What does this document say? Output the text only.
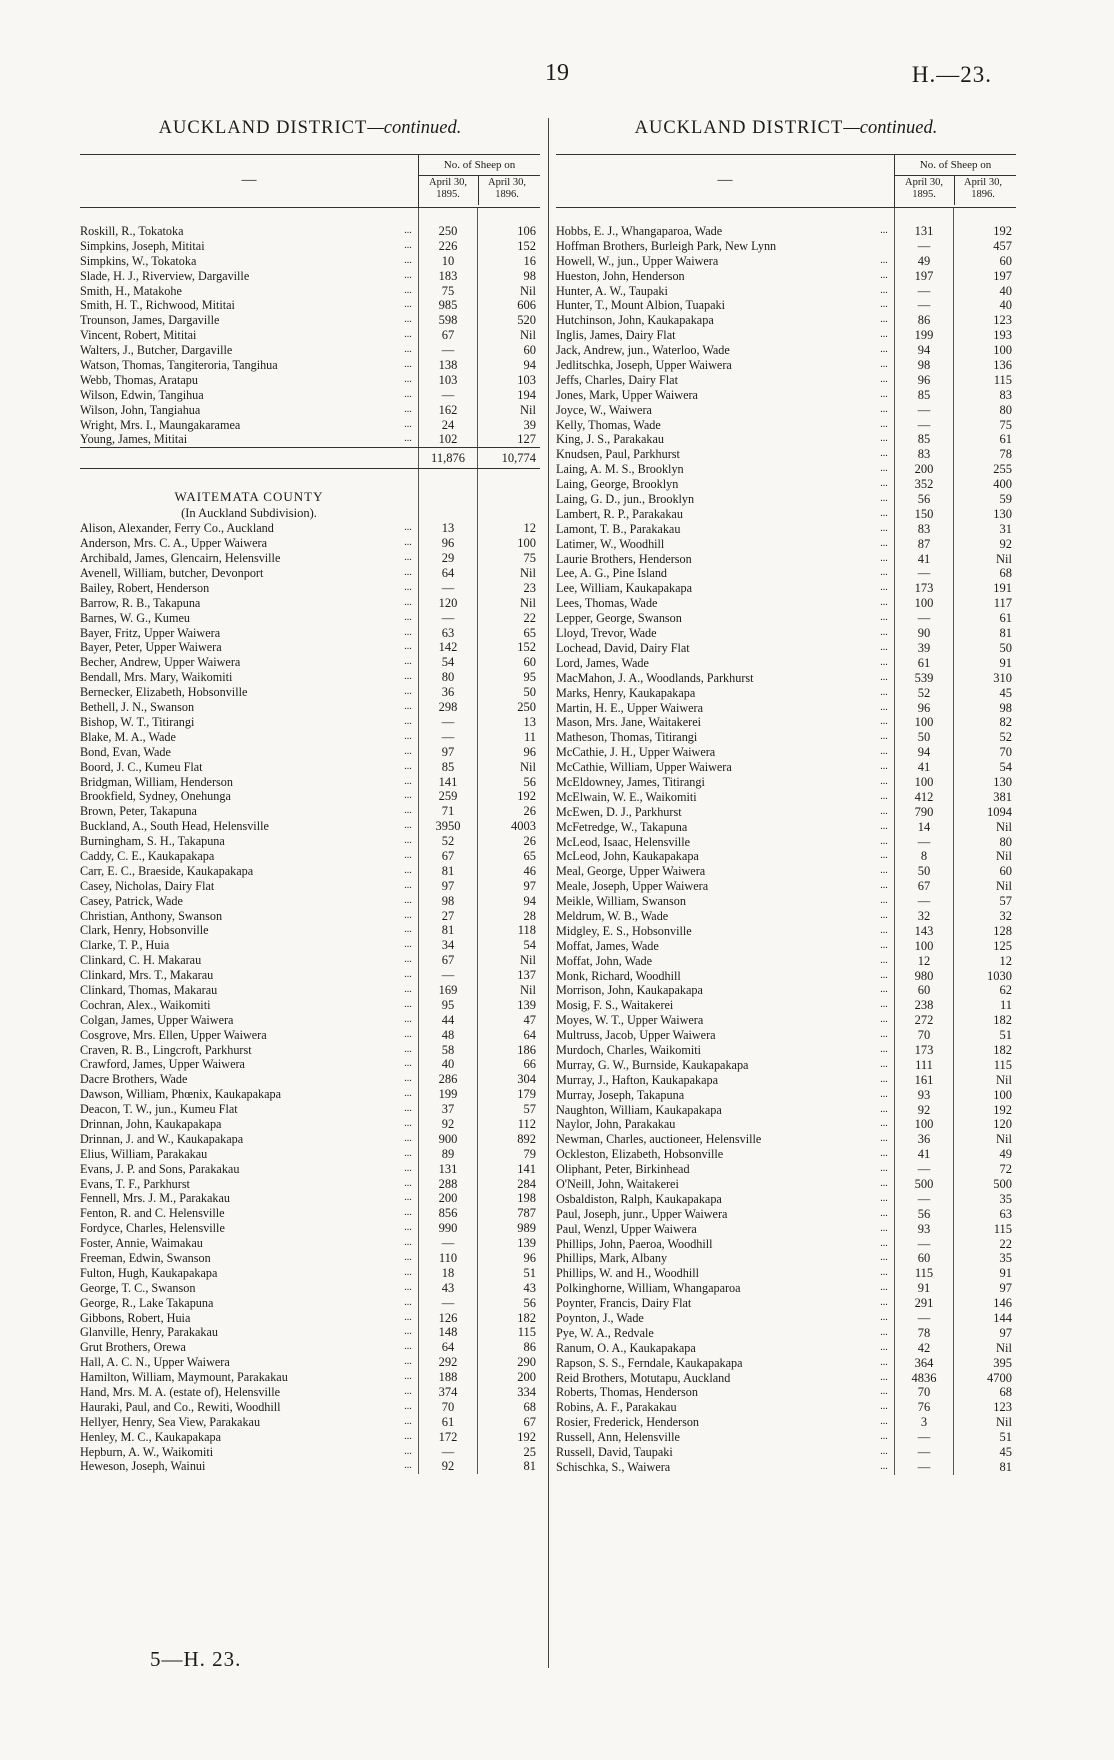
19	H.—23.
AUCKLAND DISTRICT—continued.
—
No. of Sheep on
April 30, 1895.
April 30, 1896.
Roskill, R., Tokatoka	...	250	106
Simpkins, Joseph, Mititai	...	226	152
Simpkins, W., Tokatoka	...	10	16
Slade, H. J., Riverview, Dargaville	...	183	98
Smith, H., Matakohe	...	75	Nil
Smith, H. T., Richwood, Mititai	...	985	606
Trounson, James, Dargaville	...	598	520
Vincent, Robert, Mititai	...	67	Nil
Walters, J., Butcher, Dargaville	...	—	60
Watson, Thomas, Tangiteroria, Tangihua	...	138	94
Webb, Thomas, Aratapu	...	103	103
Wilson, Edwin, Tangihua	...	—	194
Wilson, John, Tangiahua	...	162	Nil
Wright, Mrs. I., Maungakaramea	...	24	39
Young, James, Mititai	...	102	127
11,876	10,774
WAITEMATA COUNTY
(In Auckland Subdivision).
Alison, Alexander, Ferry Co., Auckland	...	13	12
Anderson, Mrs. C. A., Upper Waiwera	...	96	100
Archibald, James, Glencairn, Helensville	...	29	75
Avenell, William, butcher, Devonport	...	64	Nil
Bailey, Robert, Henderson	...	—	23
Barrow, R. B., Takapuna	...	120	Nil
Barnes, W. G., Kumeu	...	—	22
Bayer, Fritz, Upper Waiwera	...	63	65
Bayer, Peter, Upper Waiwera	...	142	152
Becher, Andrew, Upper Waiwera	...	54	60
Bendall, Mrs. Mary, Waikomiti	...	80	95
Bernecker, Elizabeth, Hobsonville	...	36	50
Bethell, J. N., Swanson	...	298	250
Bishop, W. T., Titirangi	...	—	13
Blake, M. A., Wade	...	—	11
Bond, Evan, Wade	...	97	96
Boord, J. C., Kumeu Flat	...	85	Nil
Bridgman, William, Henderson	...	141	56
Brookfield, Sydney, Onehunga	...	259	192
Brown, Peter, Takapuna	...	71	26
Buckland, A., South Head, Helensville	...	3950	4003
Burningham, S. H., Takapuna	...	52	26
Caddy, C. E., Kaukapakapa	...	67	65
Carr, E. C., Braeside, Kaukapakapa	...	81	46
Casey, Nicholas, Dairy Flat	...	97	97
Casey, Patrick, Wade	...	98	94
Christian, Anthony, Swanson	...	27	28
Clark, Henry, Hobsonville	...	81	118
Clarke, T. P., Huia	...	34	54
Clinkard, C. H. Makarau	...	67	Nil
Clinkard, Mrs. T., Makarau	...	—	137
Clinkard, Thomas, Makarau	...	169	Nil
Cochran, Alex., Waikomiti	...	95	139
Colgan, James, Upper Waiwera	...	44	47
Cosgrove, Mrs. Ellen, Upper Waiwera	...	48	64
Craven, R. B., Lingcroft, Parkhurst	...	58	186
Crawford, James, Upper Waiwera	...	40	66
Dacre Brothers, Wade	...	286	304
Dawson, William, Phœnix, Kaukapakapa	...	199	179
Deacon, T. W., jun., Kumeu Flat	...	37	57
Drinnan, John, Kaukapakapa	...	92	112
Drinnan, J. and W., Kaukapakapa	...	900	892
Elius, William, Parakakau	...	89	79
Evans, J. P. and Sons, Parakakau	...	131	141
Evans, T. F., Parkhurst	...	288	284
Fennell, Mrs. J. M., Parakakau	...	200	198
Fenton, R. and C. Helensville	...	856	787
Fordyce, Charles, Helensville	...	990	989
Foster, Annie, Waimakau	...	—	139
Freeman, Edwin, Swanson	...	110	96
Fulton, Hugh, Kaukapakapa	...	18	51
George, T. C., Swanson	...	43	43
George, R., Lake Takapuna	...	—	56
Gibbons, Robert, Huia	...	126	182
Glanville, Henry, Parakakau	...	148	115
Grut Brothers, Orewa	...	64	86
Hall, A. C. N., Upper Waiwera	...	292	290
Hamilton, William, Maymount, Parakakau	...	188	200
Hand, Mrs. M. A. (estate of), Helensville	...	374	334
Hauraki, Paul, and Co., Rewiti, Woodhill	...	70	68
Hellyer, Henry, Sea View, Parakakau	...	61	67
Henley, M. C., Kaukapakapa	...	172	192
Hepburn, A. W., Waikomiti	...	—	25
Heweson, Joseph, Wainui	...	92	81
AUCKLAND DISTRICT—continued.
—
No. of Sheep on
April 30, 1895.
April 30, 1896.
Hobbs, E. J., Whangaparoa, Wade	...	131	192
Hoffman Brothers, Burleigh Park, New Lynn	—	457
Howell, W., jun., Upper Waiwera	...	49	60
Hueston, John, Henderson	...	197	197
Hunter, A. W., Taupaki	...	—	40
Hunter, T., Mount Albion, Tuapaki	...	—	40
Hutchinson, John, Kaukapakapa	...	86	123
Inglis, James, Dairy Flat	...	199	193
Jack, Andrew, jun., Waterloo, Wade	...	94	100
Jedlitschka, Joseph, Upper Waiwera	...	98	136
Jeffs, Charles, Dairy Flat	...	96	115
Jones, Mark, Upper Waiwera	...	85	83
Joyce, W., Waiwera	...	—	80
Kelly, Thomas, Wade	...	—	75
King, J. S., Parakakau	...	85	61
Knudsen, Paul, Parkhurst	...	83	78
Laing, A. M. S., Brooklyn	...	200	255
Laing, George, Brooklyn	...	352	400
Laing, G. D., jun., Brooklyn	...	56	59
Lambert, R. P., Parakakau	...	150	130
Lamont, T. B., Parakakau	...	83	31
Latimer, W., Woodhill	...	87	92
Laurie Brothers, Henderson	...	41	Nil
Lee, A. G., Pine Island	...	—	68
Lee, William, Kaukapakapa	...	173	191
Lees, Thomas, Wade	...	100	117
Lepper, George, Swanson	...	—	61
Lloyd, Trevor, Wade	...	90	81
Lochead, David, Dairy Flat	...	39	50
Lord, James, Wade	...	61	91
MacMahon, J. A., Woodlands, Parkhurst	...	539	310
Marks, Henry, Kaukapakapa	...	52	45
Martin, H. E., Upper Waiwera	...	96	98
Mason, Mrs. Jane, Waitakerei	...	100	82
Matheson, Thomas, Titirangi	...	50	52
McCathie, J. H., Upper Waiwera	...	94	70
McCathie, William, Upper Waiwera	...	41	54
McEldowney, James, Titirangi	...	100	130
McElwain, W. E., Waikomiti	...	412	381
McEwen, D. J., Parkhurst	...	790	1094
McFetredge, W., Takapuna	...	14	Nil
McLeod, Isaac, Helensville	...	—	80
McLeod, John, Kaukapakapa	...	8	Nil
Meal, George, Upper Waiwera	...	50	60
Meale, Joseph, Upper Waiwera	...	67	Nil
Meikle, William, Swanson	...	—	57
Meldrum, W. B., Wade	...	32	32
Midgley, E. S., Hobsonville	...	143	128
Moffat, James, Wade	...	100	125
Moffat, John, Wade	...	12	12
Monk, Richard, Woodhill	...	980	1030
Morrison, John, Kaukapakapa	...	60	62
Mosig, F. S., Waitakerei	...	238	11
Moyes, W. T., Upper Waiwera	...	272	182
Multruss, Jacob, Upper Waiwera	...	70	51
Murdoch, Charles, Waikomiti	...	173	182
Murray, G. W., Burnside, Kaukapakapa	...	111	115
Murray, J., Hafton, Kaukapakapa	...	161	Nil
Murray, Joseph, Takapuna	...	93	100
Naughton, William, Kaukapakapa	...	92	192
Naylor, John, Parakakau	...	100	120
Newman, Charles, auctioneer, Helensville	...	36	Nil
Ockleston, Elizabeth, Hobsonville	...	41	49
Oliphant, Peter, Birkinhead	...	—	72
O'Neill, John, Waitakerei	...	500	500
Osbaldiston, Ralph, Kaukapakapa	...	—	35
Paul, Joseph, junr., Upper Waiwera	...	56	63
Paul, Wenzl, Upper Waiwera	...	93	115
Phillips, John, Paeroa, Woodhill	...	—	22
Phillips, Mark, Albany	...	60	35
Phillips, W. and H., Woodhill	...	115	91
Polkinghorne, William, Whangaparoa	...	91	97
Poynter, Francis, Dairy Flat	...	291	146
Poynton, J., Wade	...	—	144
Pye, W. A., Redvale	...	78	97
Ranum, O. A., Kaukapakapa	...	42	Nil
Rapson, S. S., Ferndale, Kaukapakapa	...	364	395
Reid Brothers, Motutapu, Auckland	...	4836	4700
Roberts, Thomas, Henderson	...	70	68
Robins, A. F., Parakakau	...	76	123
Rosier, Frederick, Henderson	...	3	Nil
Russell, Ann, Helensville	...	—	51
Russell, David, Taupaki	...	—	45
Schischka, S., Waiwera	...	—	81
5—H. 23.
